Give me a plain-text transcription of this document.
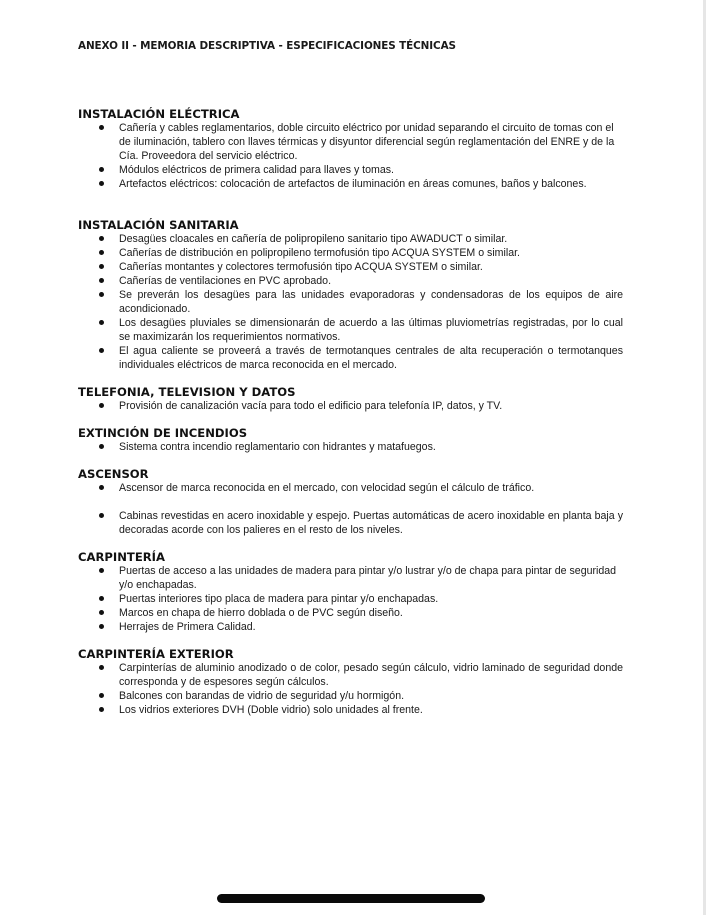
ANEXO II - MEMORIA DESCRIPTIVA - ESPECIFICACIONES TÉCNICAS
INSTALACIÓN ELÉCTRICA
Cañería y cables reglamentarios, doble circuito eléctrico por unidad separando el circuito de tomas con el de iluminación, tablero con llaves térmicas y disyuntor diferencial según reglamentación del ENRE y de la Cía. Proveedora del servicio eléctrico.
Módulos eléctricos de primera calidad para llaves y tomas.
Artefactos eléctricos: colocación de artefactos de iluminación en áreas comunes, baños y balcones.
INSTALACIÓN SANITARIA
Desagües cloacales en cañería de polipropileno sanitario tipo AWADUCT o similar.
Cañerías de distribución en polipropileno termofusión tipo ACQUA SYSTEM o similar.
Cañerías montantes y colectores termofusión tipo ACQUA SYSTEM o similar.
Cañerías de ventilaciones en PVC aprobado.
Se preverán los desagües para las unidades evaporadoras y condensadoras de los equipos de aire acondicionado.
Los desagües pluviales se dimensionarán de acuerdo a las últimas pluviometrías registradas, por lo cual se maximizarán los requerimientos normativos.
El agua caliente se proveerá a través de termotanques centrales de alta recuperación o termotanques individuales eléctricos de marca reconocida en el mercado.
TELEFONIA, TELEVISION Y DATOS
Provisión de canalización vacía para todo el edificio para telefonía IP, datos, y TV.
EXTINCIÓN DE INCENDIOS
Sistema contra incendio reglamentario con hidrantes y matafuegos.
ASCENSOR
Ascensor de marca reconocida en el mercado, con velocidad según el cálculo de tráfico.
Cabinas revestidas en acero inoxidable y espejo. Puertas automáticas de acero inoxidable en planta baja y decoradas acorde con los palieres en el resto de los niveles.
CARPINTERÍA
Puertas de acceso a las unidades de madera para pintar y/o lustrar y/o de chapa para pintar de seguridad y/o enchapadas.
Puertas interiores tipo placa de madera para pintar y/o enchapadas.
Marcos en chapa de hierro doblada o de PVC según diseño.
Herrajes de Primera Calidad.
CARPINTERÍA EXTERIOR
Carpinterías de aluminio anodizado o de color, pesado según cálculo, vidrio laminado de seguridad donde corresponda y de espesores según cálculos.
Balcones con barandas de vidrio de seguridad y/u hormigón.
Los vidrios exteriores DVH (Doble vidrio) solo unidades al frente.
